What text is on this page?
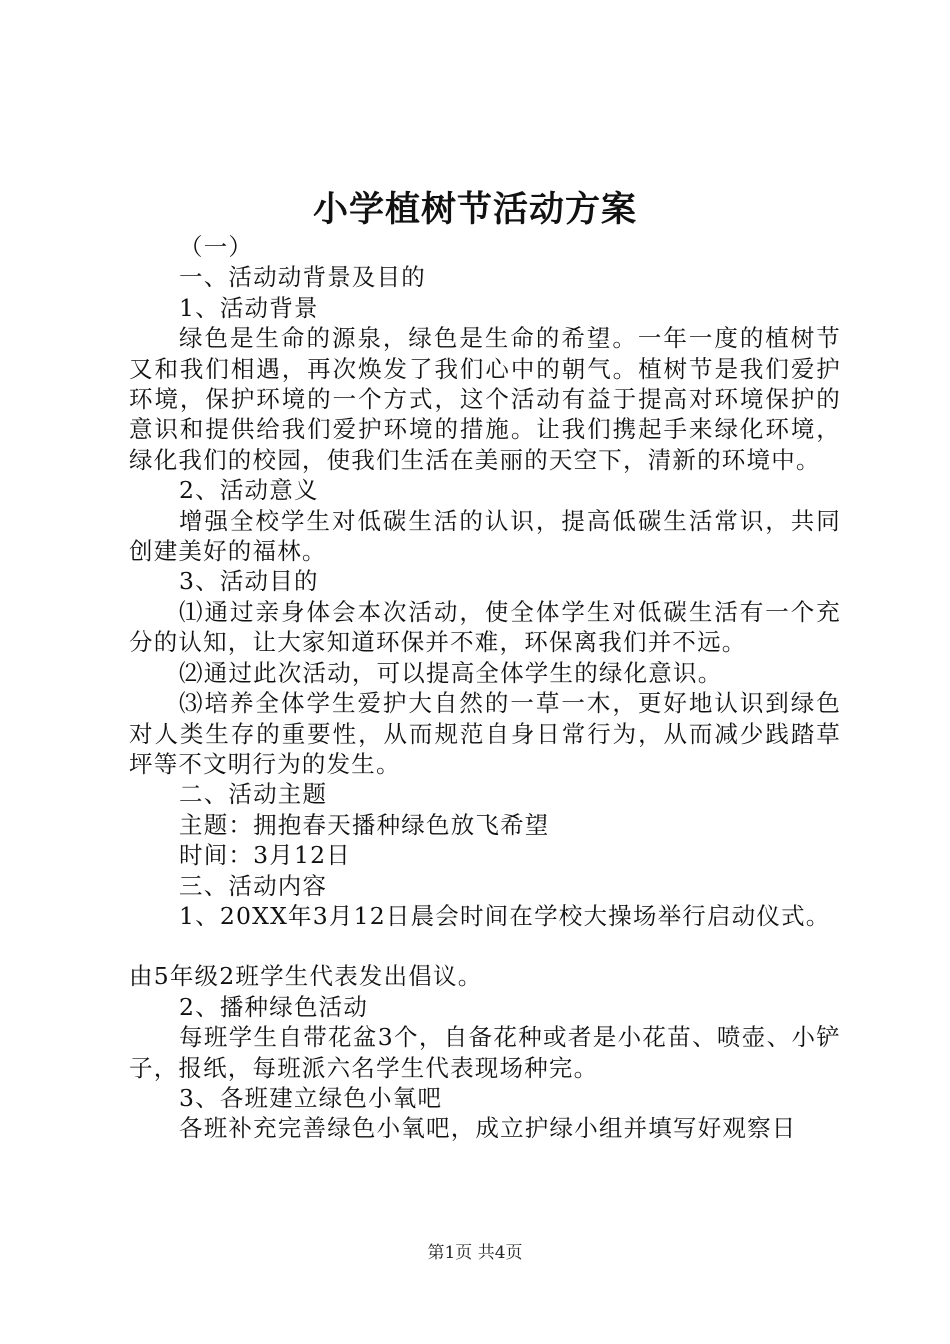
小学植树节活动方案

（一）

一、活动动背景及目的

1、活动背景

绿色是生命的源泉，绿色是生命的希望。一年一度的植树节又和我们相遇，再次焕发了我们心中的朝气。植树节是我们爱护环境，保护环境的一个方式，这个活动有益于提高对环境保护的意识和提供给我们爱护环境的措施。让我们携起手来绿化环境，绿化我们的校园，使我们生活在美丽的天空下，清新的环境中。

2、活动意义

增强全校学生对低碳生活的认识，提高低碳生活常识，共同创建美好的福林。

3、活动目的

⑴通过亲身体会本次活动，使全体学生对低碳生活有一个充分的认知，让大家知道环保并不难，环保离我们并不远。

⑵通过此次活动，可以提高全体学生的绿化意识。

⑶培养全体学生爱护大自然的一草一木，更好地认识到绿色对人类生存的重要性，从而规范自身日常行为，从而减少践踏草坪等不文明行为的发生。

二、活动主题

主题：拥抱春天播种绿色放飞希望

时间：3月12日

三、活动内容

1、20XX年3月12日晨会时间在学校大操场举行启动仪式。

由5年级2班学生代表发出倡议。

2、播种绿色活动

每班学生自带花盆3个，自备花种或者是小花苗、喷壶、小铲子，报纸，每班派六名学生代表现场种完。

3、各班建立绿色小氧吧

各班补充完善绿色小氧吧，成立护绿小组并填写好观察日

第1页 共4页
